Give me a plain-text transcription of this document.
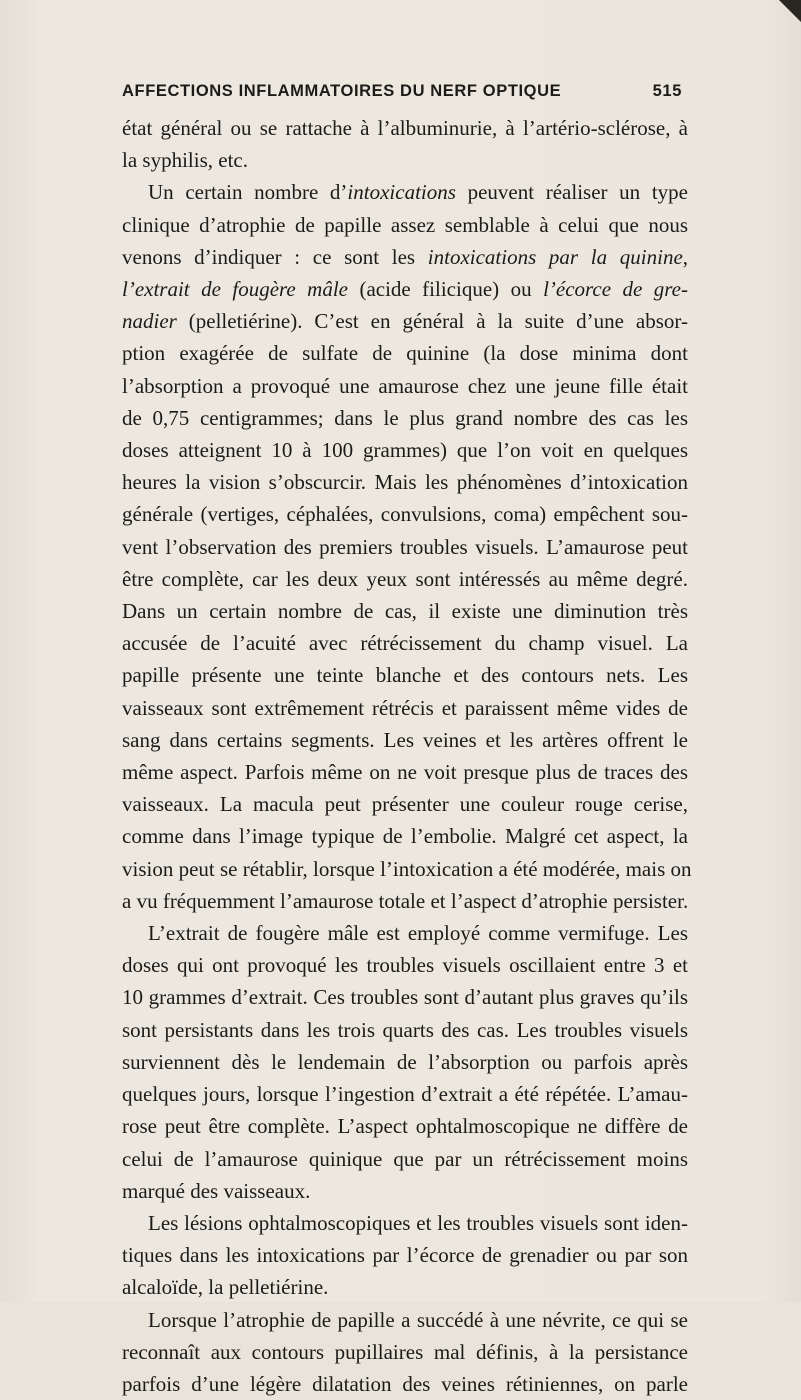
AFFECTIONS INFLAMMATOIRES DU NERF OPTIQUE	515

état général ou se rattache à l’albuminurie, à l’artério-sclérose, à

la syphilis, etc.

Un certain nombre d’intoxications peuvent réaliser un type

clinique d’atrophie de papille assez semblable à celui que nous

venons d’indiquer : ce sont les intoxications par la quinine,

l’extrait de fougère mâle (acide filicique) ou l’écorce de gre-

nadier (pelletiérine). C’est en général à la suite d’une absor-

ption exagérée de sulfate de quinine (la dose minima dont

l’absorption a provoqué une amaurose chez une jeune fille était

de 0,75 centigrammes; dans le plus grand nombre des cas les

doses atteignent 10 à 100 grammes) que l’on voit en quelques

heures la vision s’obscurcir. Mais les phénomènes d’intoxication

générale (vertiges, céphalées, convulsions, coma) empêchent sou-

vent l’observation des premiers troubles visuels. L’amaurose peut

être complète, car les deux yeux sont intéressés au même degré.

Dans un certain nombre de cas, il existe une diminution très

accusée de l’acuité avec rétrécissement du champ visuel. La

papille présente une teinte blanche et des contours nets. Les

vaisseaux sont extrêmement rétrécis et paraissent même vides de

sang dans certains segments. Les veines et les artères offrent le

même aspect. Parfois même on ne voit presque plus de traces des

vaisseaux. La macula peut présenter une couleur rouge cerise,

comme dans l’image typique de l’embolie. Malgré cet aspect, la

vision peut se rétablir, lorsque l’intoxication a été modérée, mais on

a vu fréquemment l’amaurose totale et l’aspect d’atrophie persister.

L’extrait de fougère mâle est employé comme vermifuge. Les

doses qui ont provoqué les troubles visuels oscillaient entre 3 et

10 grammes d’extrait. Ces troubles sont d’autant plus graves qu’ils

sont persistants dans les trois quarts des cas. Les troubles visuels

surviennent dès le lendemain de l’absorption ou parfois après

quelques jours, lorsque l’ingestion d’extrait a été répétée. L’amau-

rose peut être complète. L’aspect ophtalmoscopique ne diffère de

celui de l’amaurose quinique que par un rétrécissement moins

marqué des vaisseaux.

Les lésions ophtalmoscopiques et les troubles visuels sont iden-

tiques dans les intoxications par l’écorce de grenadier ou par son

alcaloïde, la pelletiérine.

Lorsque l’atrophie de papille a succédé à une névrite, ce qui se

reconnaît aux contours pupillaires mal définis, à la persistance

parfois d’une légère dilatation des veines rétiniennes, on parle
